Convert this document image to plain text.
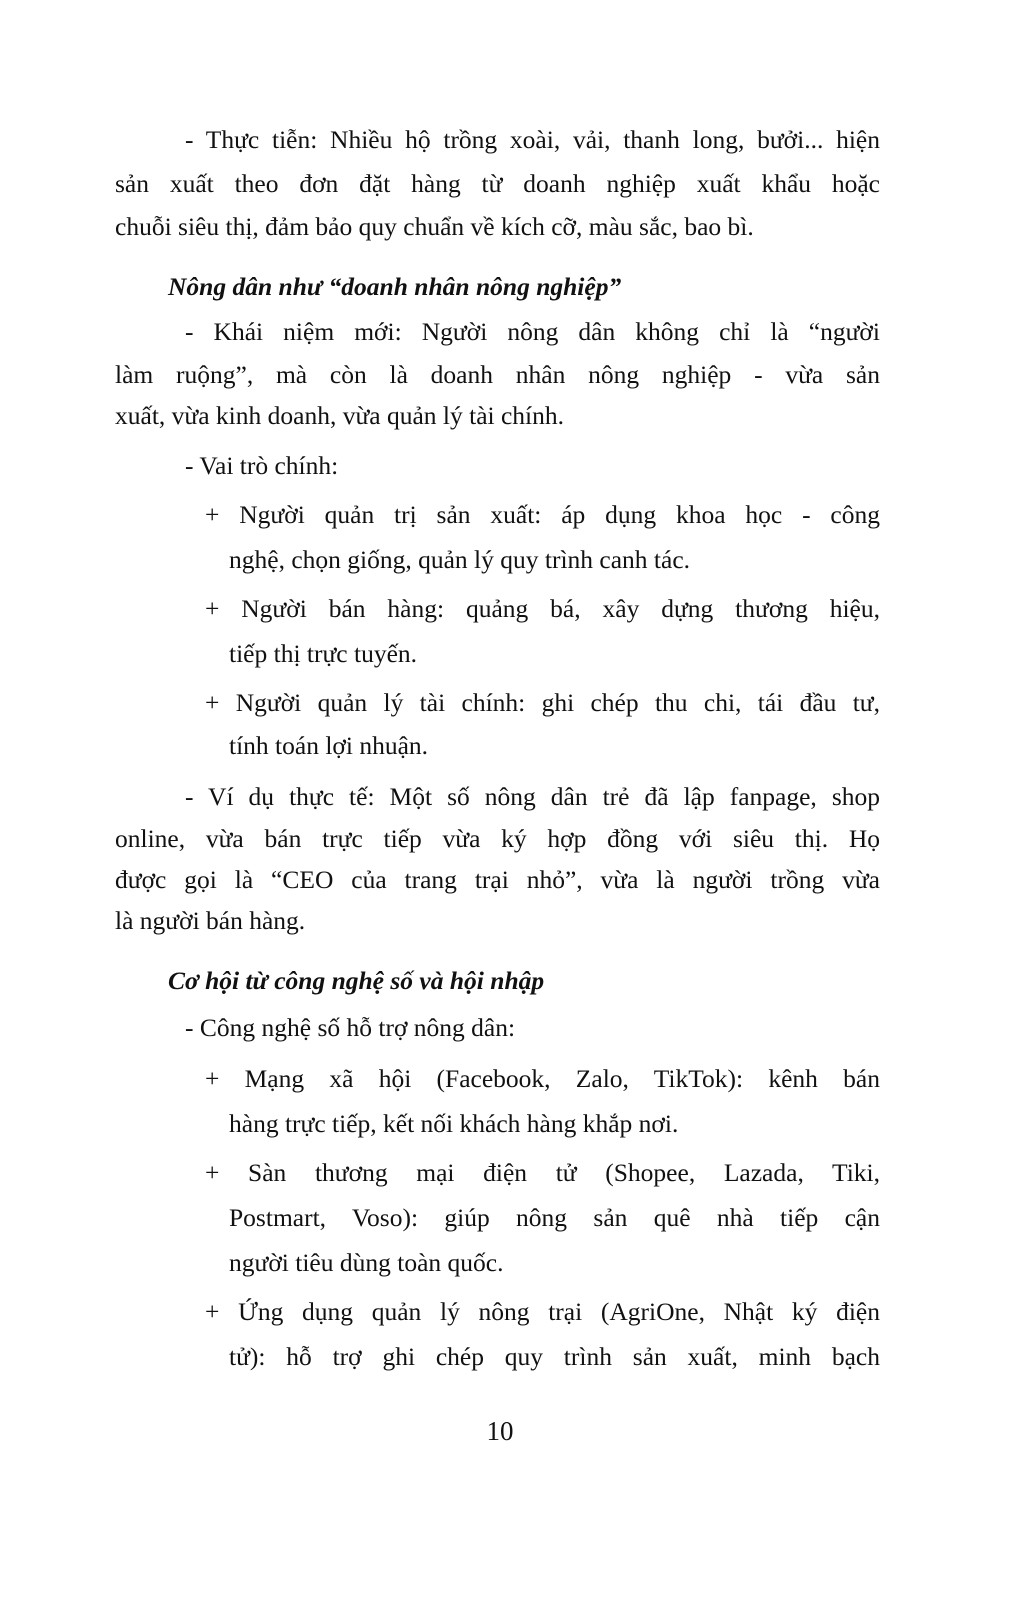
- Thực tiễn: Nhiều hộ trồng xoài, vải, thanh long, bưởi... hiện
sản xuất theo đơn đặt hàng từ doanh nghiệp xuất khẩu hoặc
chuỗi siêu thị, đảm bảo quy chuẩn về kích cỡ, màu sắc, bao bì.
Nông dân như “doanh nhân nông nghiệp”
- Khái niệm mới: Người nông dân không chỉ là “người
làm ruộng”, mà còn là doanh nhân nông nghiệp - vừa sản
xuất, vừa kinh doanh, vừa quản lý tài chính.
- Vai trò chính:
+ Người quản trị sản xuất: áp dụng khoa học - công
nghệ, chọn giống, quản lý quy trình canh tác.
+ Người bán hàng: quảng bá, xây dựng thương hiệu,
tiếp thị trực tuyến.
+ Người quản lý tài chính: ghi chép thu chi, tái đầu tư,
tính toán lợi nhuận.
- Ví dụ thực tế: Một số nông dân trẻ đã lập fanpage, shop
online, vừa bán trực tiếp vừa ký hợp đồng với siêu thị. Họ
được gọi là “CEO của trang trại nhỏ”, vừa là người trồng vừa
là người bán hàng.
Cơ hội từ công nghệ số và hội nhập
- Công nghệ số hỗ trợ nông dân:
+ Mạng xã hội (Facebook, Zalo, TikTok): kênh bán
hàng trực tiếp, kết nối khách hàng khắp nơi.
+ Sàn thương mại điện tử (Shopee, Lazada, Tiki,
Postmart, Voso): giúp nông sản quê nhà tiếp cận
người tiêu dùng toàn quốc.
+ Ứng dụng quản lý nông trại (AgriOne, Nhật ký điện
tử): hỗ trợ ghi chép quy trình sản xuất, minh bạch
10
